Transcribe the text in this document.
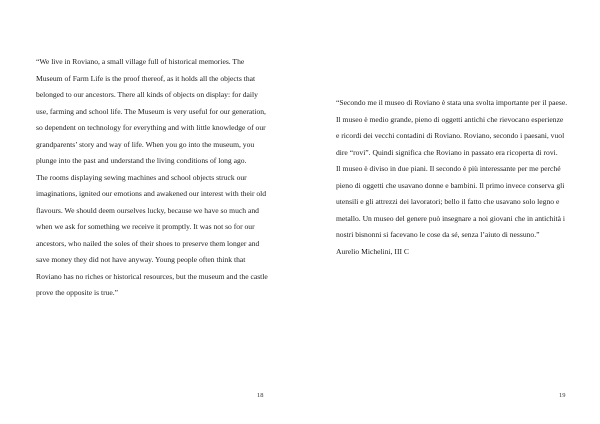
“We live in Roviano, a small village full of historical memories. The Museum of Farm Life is the proof thereof, as it holds all the objects that belonged to our ancestors. There all kinds of objects on display: for daily use, farming and school life. The Museum is very useful for our generation, so dependent on technology for everything and with little knowledge of our grandparents’ story and way of life. When you go into the museum, you plunge into the past and understand the living conditions of long ago.

The rooms displaying sewing machines and school objects struck our imaginations, ignited our emotions and awakened our interest with their old flavours. We should deem ourselves lucky, because we have so much and when we ask for something we receive it promptly. It was not so for our ancestors, who nailed the soles of their shoes to preserve them longer and save money they did not have anyway. Young people often think that Roviano has no riches or historical resources, but the museum and the castle prove the opposite is true.”

18

“Secondo me il museo di Roviano è stata una svolta importante per il paese. Il museo è medio grande, pieno di oggetti antichi che rievocano esperienze e ricordi dei vecchi contadini di Roviano. Roviano, secondo i paesani, vuol dire “rovi”. Quindi significa che Roviano in passato era ricoperta di rovi.

Il museo è diviso in due piani. Il secondo è più interessante per me perché pieno di oggetti che usavano donne e bambini. Il primo invece conserva gli utensili e gli attrezzi dei lavoratori; bello il fatto che usavano solo legno e metallo. Un museo del genere può insegnare a noi giovani che in antichità i nostri bisnonni si facevano le cose da sé, senza l’aiuto di nessuno.”

Aurelio Michelini, III C

19
